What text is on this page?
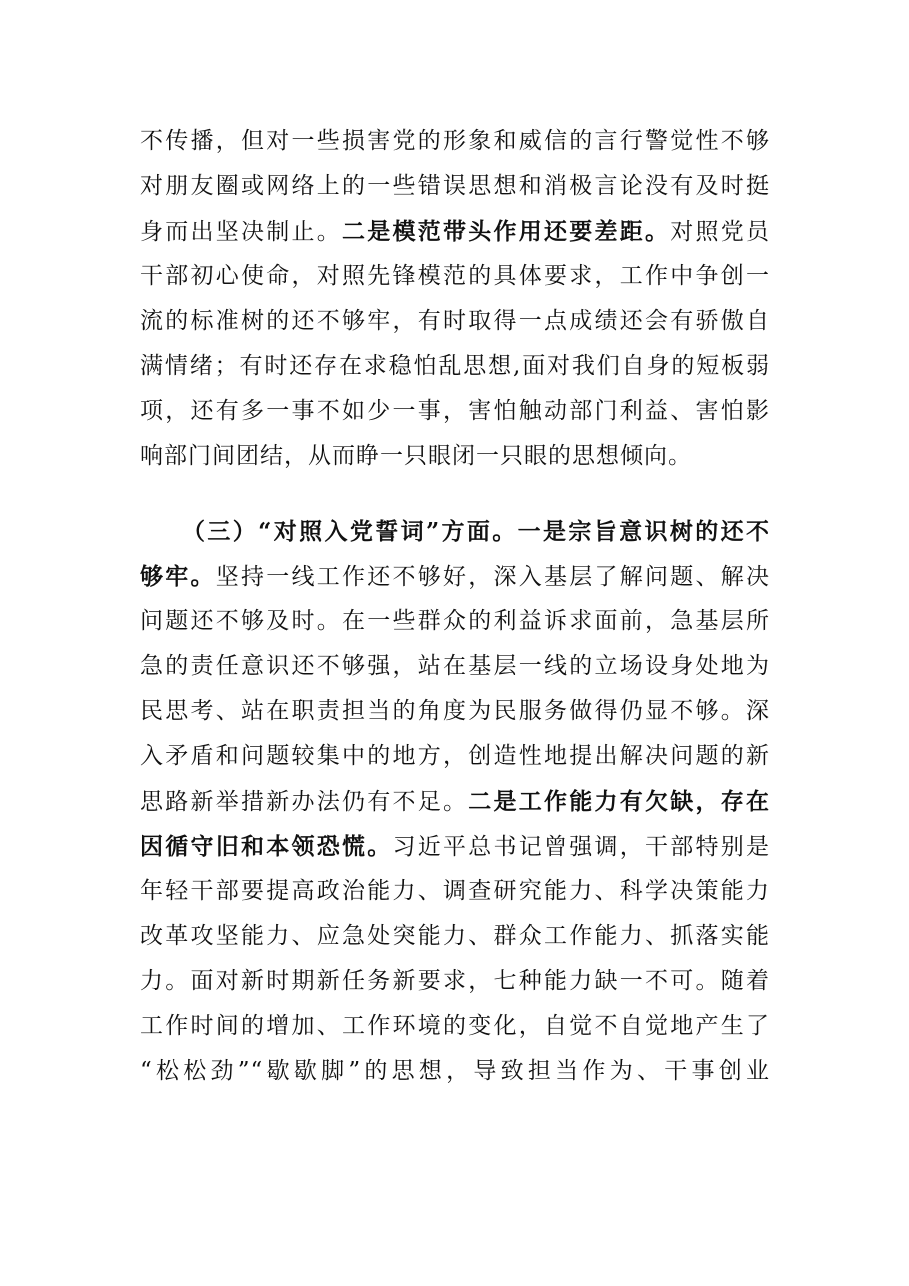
不传播，但对一些损害党的形象和威信的言行警觉性不够
对朋友圈或网络上的一些错误思想和消极言论没有及时挺
身而出坚决制止。二是模范带头作用还要差距。对照党员
干部初心使命，对照先锋模范的具体要求，工作中争创一
流的标准树的还不够牢，有时取得一点成绩还会有骄傲自
满情绪；有时还存在求稳怕乱思想,面对我们自身的短板弱
项，还有多一事不如少一事，害怕触动部门利益、害怕影
响部门间团结，从而睁一只眼闭一只眼的思想倾向。
（三）“对照入党誓词”方面。一是宗旨意识树的还不
够牢。坚持一线工作还不够好，深入基层了解问题、解决
问题还不够及时。在一些群众的利益诉求面前，急基层所
急的责任意识还不够强，站在基层一线的立场设身处地为
民思考、站在职责担当的角度为民服务做得仍显不够。深
入矛盾和问题较集中的地方，创造性地提出解决问题的新
思路新举措新办法仍有不足。二是工作能力有欠缺，存在
因循守旧和本领恐慌。习近平总书记曾强调，干部特别是
年轻干部要提高政治能力、调查研究能力、科学决策能力
改革攻坚能力、应急处突能力、群众工作能力、抓落实能
力。面对新时期新任务新要求，七种能力缺一不可。随着
工作时间的增加、工作环境的变化，自觉不自觉地产生了
“松松劲”“歇歇脚”的思想，导致担当作为、干事创业
